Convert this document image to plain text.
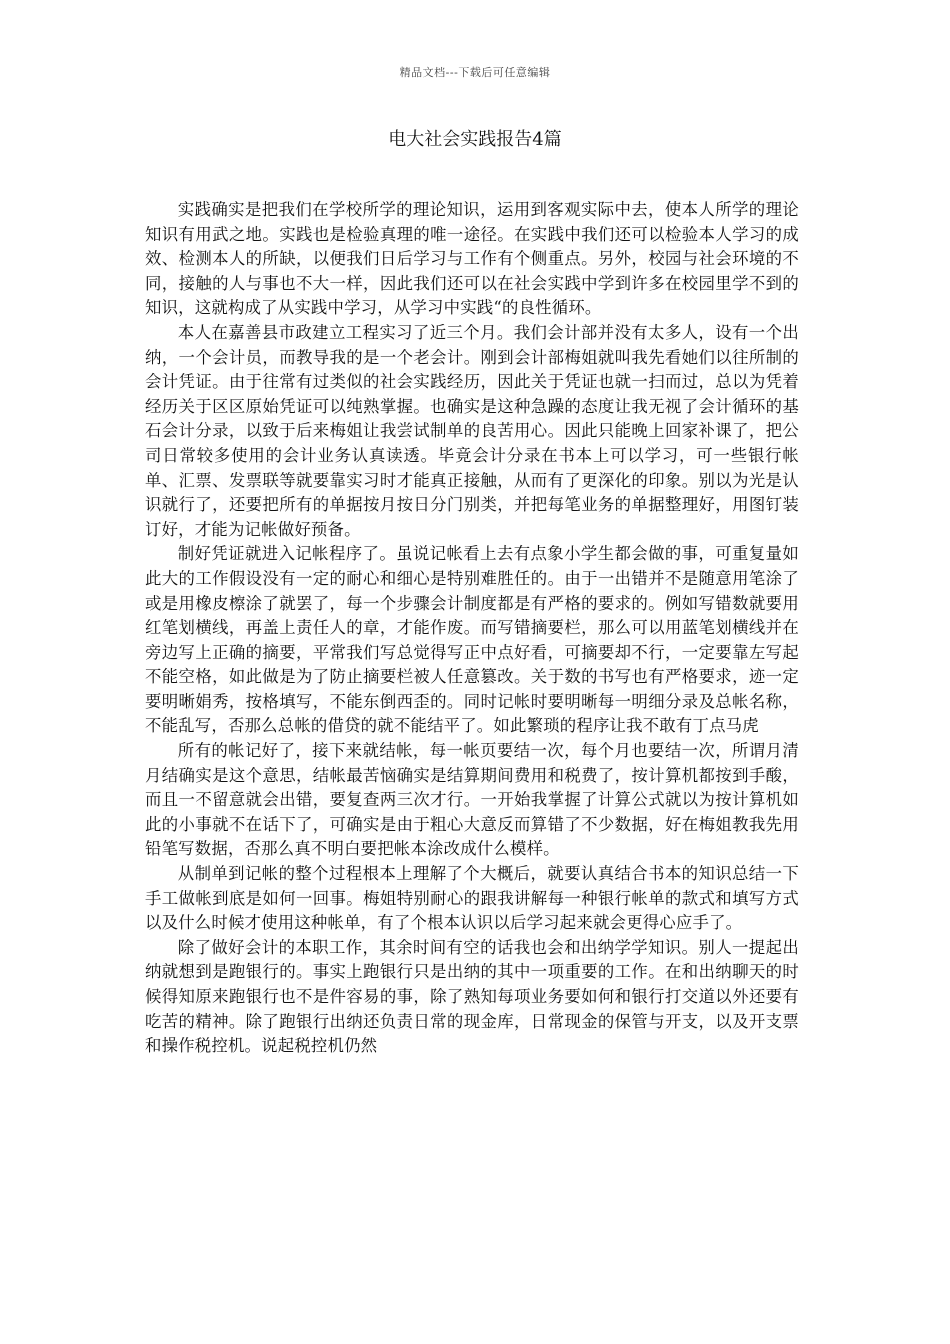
精品文档---下载后可任意编辑
电大社会实践报告4篇

实践确实是把我们在学校所学的理论知识，运用到客观实际中去，使本人所学的理论知识有用武之地。实践也是检验真理的唯一途径。在实践中我们还可以检验本人学习的成效、检测本人的所缺，以便我们日后学习与工作有个侧重点。另外，校园与社会环境的不同，接触的人与事也不大一样，因此我们还可以在社会实践中学到许多在校园里学不到的知识，这就构成了从实践中学习，从学习中实践“的良性循环。

本人在嘉善县市政建立工程实习了近三个月。我们会计部并没有太多人，设有一个出纳，一个会计员，而教导我的是一个老会计。刚到会计部梅姐就叫我先看她们以往所制的会计凭证。由于往常有过类似的社会实践经历，因此关于凭证也就一扫而过，总以为凭着经历关于区区原始凭证可以纯熟掌握。也确实是这种急躁的态度让我无视了会计循环的基石会计分录，以致于后来梅姐让我尝试制单的良苦用心。因此只能晚上回家补课了，把公司日常较多使用的会计业务认真读透。毕竟会计分录在书本上可以学习，可一些银行帐单、汇票、发票联等就要靠实习时才能真正接触，从而有了更深化的印象。别以为光是认识就行了，还要把所有的单据按月按日分门别类，并把每笔业务的单据整理好，用图钉装订好，才能为记帐做好预备。

制好凭证就进入记帐程序了。虽说记帐看上去有点象小学生都会做的事，可重复量如此大的工作假设没有一定的耐心和细心是特别难胜任的。由于一出错并不是随意用笔涂了或是用橡皮檫涂了就罢了，每一个步骤会计制度都是有严格的要求的。例如写错数就要用红笔划横线，再盖上责任人的章，才能作废。而写错摘要栏，那么可以用蓝笔划横线并在旁边写上正确的摘要，平常我们写总觉得写正中点好看，可摘要却不行，一定要靠左写起不能空格，如此做是为了防止摘要栏被人任意篡改。关于数的书写也有严格要求，迹一定要明晰娟秀，按格填写，不能东倒西歪的。同时记帐时要明晰每一明细分录及总帐名称，不能乱写，否那么总帐的借贷的就不能结平了。如此繁琐的程序让我不敢有丁点马虎

所有的帐记好了，接下来就结帐，每一帐页要结一次，每个月也要结一次，所谓月清月结确实是这个意思，结帐最苦恼确实是结算期间费用和税费了，按计算机都按到手酸，而且一不留意就会出错，要复查两三次才行。一开始我掌握了计算公式就以为按计算机如此的小事就不在话下了，可确实是由于粗心大意反而算错了不少数据，好在梅姐教我先用铅笔写数据，否那么真不明白要把帐本涂改成什么模样。

从制单到记帐的整个过程根本上理解了个大概后，就要认真结合书本的知识总结一下手工做帐到底是如何一回事。梅姐特别耐心的跟我讲解每一种银行帐单的款式和填写方式以及什么时候才使用这种帐单，有了个根本认识以后学习起来就会更得心应手了。

除了做好会计的本职工作，其余时间有空的话我也会和出纳学学知识。别人一提起出纳就想到是跑银行的。事实上跑银行只是出纳的其中一项重要的工作。在和出纳聊天的时候得知原来跑银行也不是件容易的事，除了熟知每项业务要如何和银行打交道以外还要有吃苦的精神。除了跑银行出纳还负责日常的现金库，日常现金的保管与开支，以及开支票和操作税控机。说起税控机仍然
